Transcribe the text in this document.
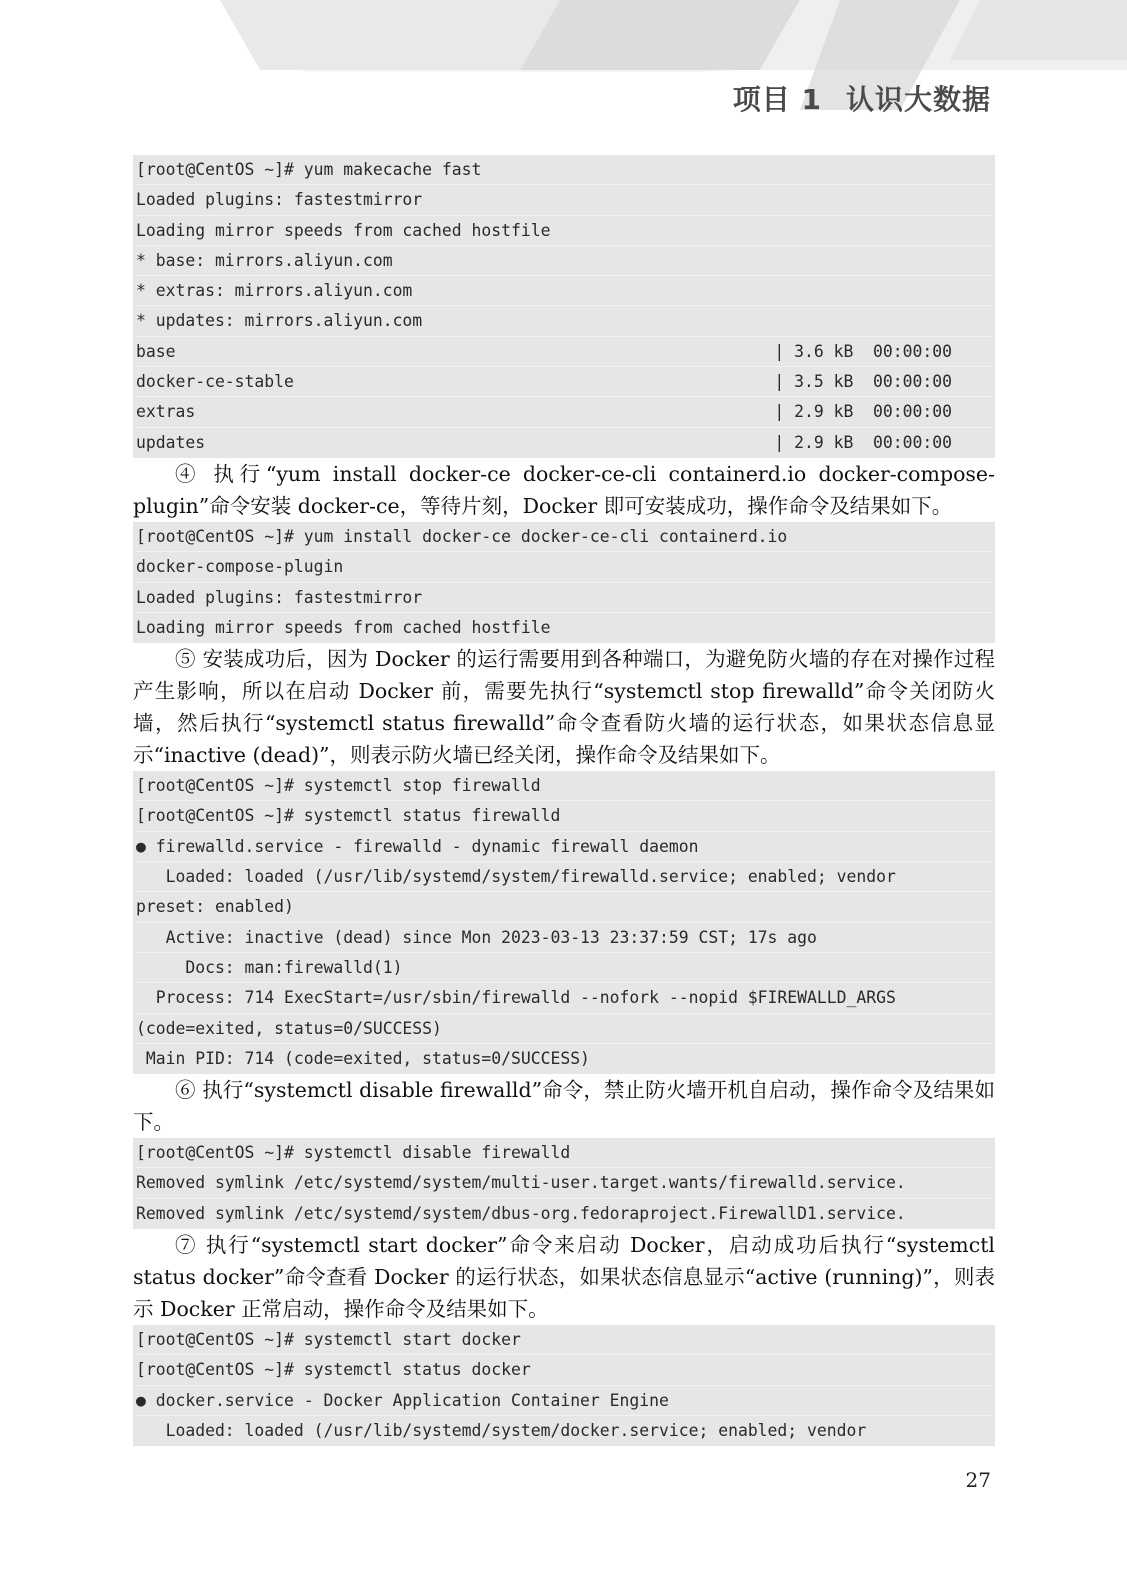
项目 1 认识大数据
[root@CentOS ~]# yum makecache fast
Loaded plugins: fastestmirror
Loading mirror speeds from cached hostfile
* base: mirrors.aliyun.com
* extras: mirrors.aliyun.com
* updates: mirrors.aliyun.com
base	| 3.6 kB  00:00:00
docker-ce-stable	| 3.5 kB  00:00:00
extras	| 2.9 kB  00:00:00
updates	| 2.9 kB  00:00:00

④ 执行“yum install docker-ce docker-ce-cli containerd.io docker-compose-plugin”命令安装 docker-ce，等待片刻，Docker 即可安装成功，操作命令及结果如下。

[root@CentOS ~]# yum install docker-ce docker-ce-cli containerd.io
docker-compose-plugin
Loaded plugins: fastestmirror
Loading mirror speeds from cached hostfile

⑤ 安装成功后，因为 Docker 的运行需要用到各种端口，为避免防火墙的存在对操作过程产生影响，所以在启动 Docker 前，需要先执行“systemctl stop firewalld”命令关闭防火墙，然后执行“systemctl status firewalld”命令查看防火墙的运行状态，如果状态信息显示“inactive (dead)”，则表示防火墙已经关闭，操作命令及结果如下。

[root@CentOS ~]# systemctl stop firewalld
[root@CentOS ~]# systemctl status firewalld
● firewalld.service - firewalld - dynamic firewall daemon
Loaded: loaded (/usr/lib/systemd/system/firewalld.service; enabled; vendor
preset: enabled)
Active: inactive (dead) since Mon 2023-03-13 23:37:59 CST; 17s ago
Docs: man:firewalld(1)
Process: 714 ExecStart=/usr/sbin/firewalld --nofork --nopid $FIREWALLD_ARGS
(code=exited, status=0/SUCCESS)
Main PID: 714 (code=exited, status=0/SUCCESS)

⑥ 执行“systemctl disable firewalld”命令，禁止防火墙开机自启动，操作命令及结果如下。

[root@CentOS ~]# systemctl disable firewalld
Removed symlink /etc/systemd/system/multi-user.target.wants/firewalld.service.
Removed symlink /etc/systemd/system/dbus-org.fedoraproject.FirewallD1.service.

⑦ 执行“systemctl start docker”命令来启动 Docker，启动成功后执行“systemctl status docker”命令查看 Docker 的运行状态，如果状态信息显示“active (running)”，则表示 Docker 正常启动，操作命令及结果如下。

[root@CentOS ~]# systemctl start docker
[root@CentOS ~]# systemctl status docker
● docker.service - Docker Application Container Engine
Loaded: loaded (/usr/lib/systemd/system/docker.service; enabled; vendor
27
